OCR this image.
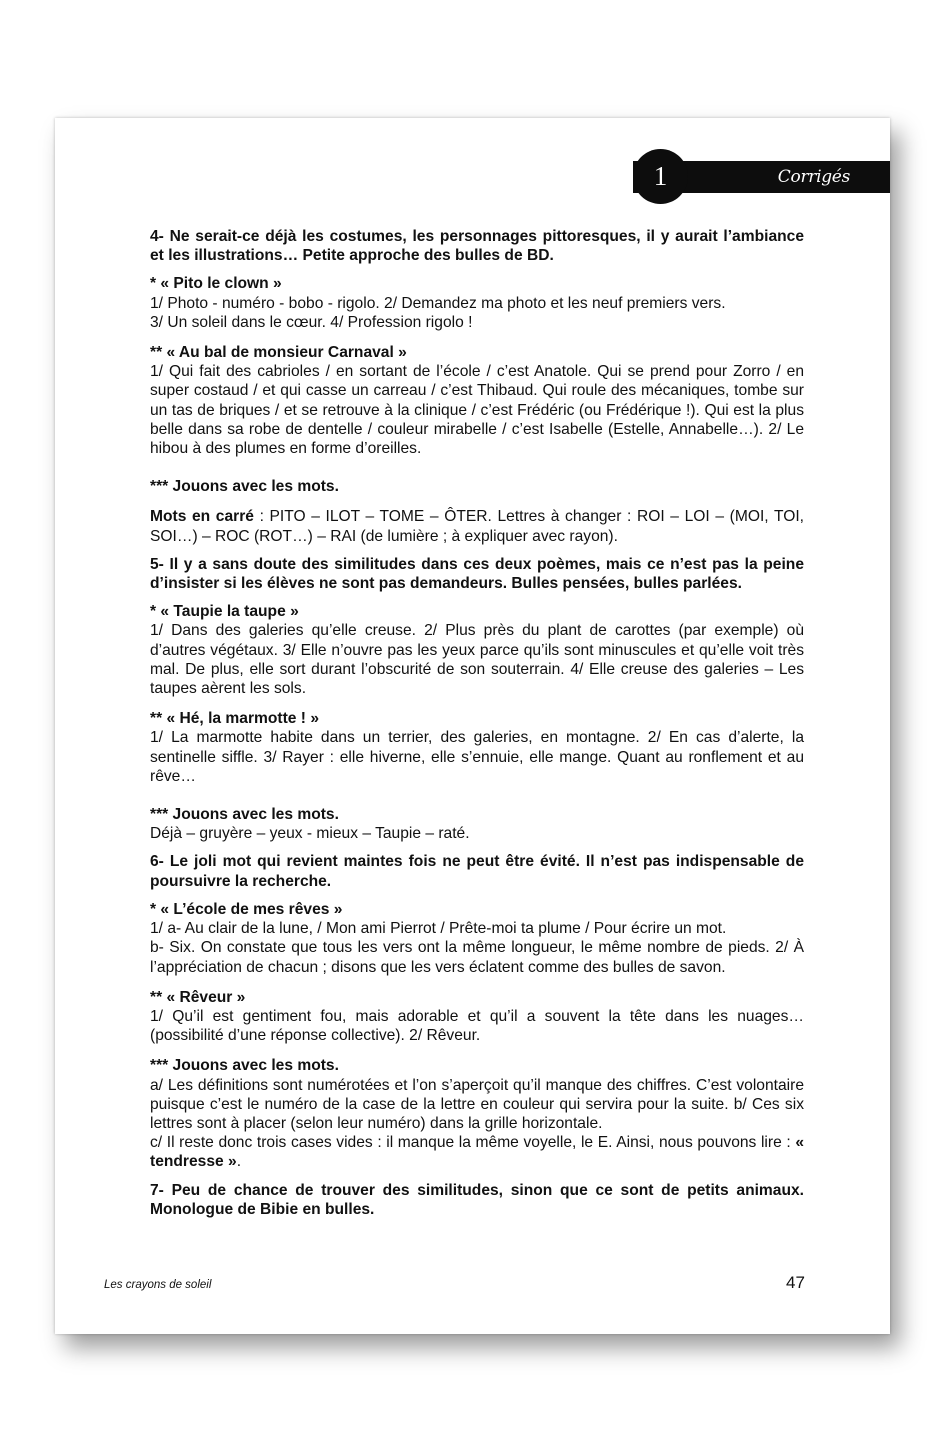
1	Corrigés

4- Ne serait-ce déjà les costumes, les personnages pittoresques, il y aurait l’ambiance et les illustrations… Petite approche des bulles de BD.

* « Pito le clown »

1/ Photo - numéro - bobo - rigolo. 2/ Demandez ma photo et les neuf premiers vers.

3/ Un soleil dans le cœur. 4/ Profession rigolo !

** « Au bal de monsieur Carnaval »

1/ Qui fait des cabrioles / en sortant de l’école / c’est Anatole. Qui se prend pour Zorro / en super costaud / et qui casse un carreau / c’est Thibaud. Qui roule des mécaniques, tombe sur un tas de briques / et se retrouve à la clinique / c’est Frédéric (ou Frédérique !). Qui est la plus belle dans sa robe de dentelle / couleur mirabelle / c’est Isabelle (Estelle, Annabelle…). 2/ Le hibou à des plumes en forme d’oreilles.

*** Jouons avec les mots.

Mots en carré : PITO – ILOT – TOME – ÔTER. Lettres à changer : ROI – LOI – (MOI, TOI, SOI…) – ROC (ROT…) – RAI (de lumière ; à expliquer avec rayon).

5- Il y a sans doute des similitudes dans ces deux poèmes, mais ce n’est pas la peine d’insister si les élèves ne sont pas demandeurs. Bulles pensées, bulles parlées.

* « Taupie la taupe »

1/ Dans des galeries qu’elle creuse. 2/ Plus près du plant de carottes (par exemple) où d’autres végétaux. 3/ Elle n’ouvre pas les yeux parce qu’ils sont minuscules et qu’elle voit très mal. De plus, elle sort durant l’obscurité de son souterrain. 4/ Elle creuse des galeries – Les taupes aèrent les sols.

** « Hé, la marmotte ! »

1/ La marmotte habite dans un terrier, des galeries, en montagne. 2/ En cas d’alerte, la sentinelle siffle. 3/ Rayer : elle hiverne, elle s’ennuie, elle mange. Quant au ronflement et au rêve…

*** Jouons avec les mots.

Déjà – gruyère – yeux - mieux – Taupie – raté.

6- Le joli mot qui revient maintes fois ne peut être évité. Il n’est pas indispensable de poursuivre la recherche.

* « L’école de mes rêves »

1/ a- Au clair de la lune, / Mon ami Pierrot / Prête-moi ta plume / Pour écrire un mot.

b- Six. On constate que tous les vers ont la même longueur, le même nombre de pieds. 2/ À l’appréciation de chacun ; disons que les vers éclatent comme des bulles de savon.

** « Rêveur »

1/ Qu’il est gentiment fou, mais adorable et qu’il a souvent la tête dans les nuages… (possibilité d’une réponse collective). 2/ Rêveur.

*** Jouons avec les mots.

a/ Les définitions sont numérotées et l’on s’aperçoit qu’il manque des chiffres. C’est volontaire puisque c’est le numéro de la case de la lettre en couleur qui servira pour la suite. b/ Ces six lettres sont à placer (selon leur numéro) dans la grille horizontale.

c/ Il reste donc trois cases vides : il manque la même voyelle, le E. Ainsi, nous pouvons lire : « tendresse ».

7- Peu de chance de trouver des similitudes, sinon que ce sont de petits animaux. Monologue de Bibie en bulles.

Les crayons de soleil	47
